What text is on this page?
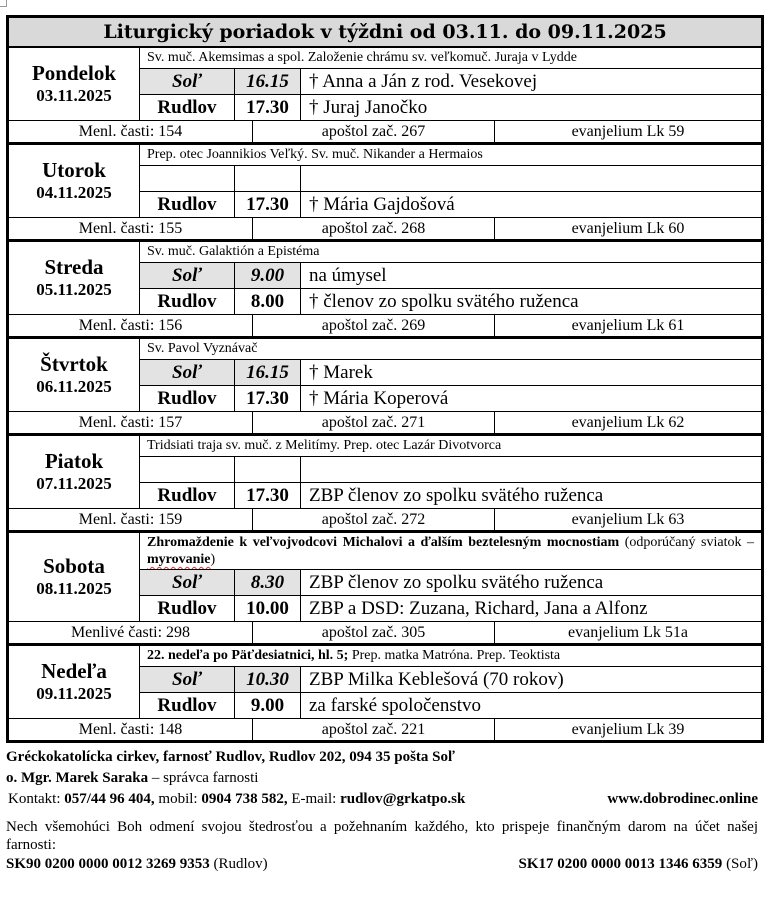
Liturgický poriadok v týždni od 03.11. do 09.11.2025
Pondelok
03.11.2025
Sv. muč. Akemsimas a spol. Založenie chrámu sv. veľkomuč. Juraja v Lydde
Soľ	16.15	† Anna a Ján z rod. Vesekovej
Rudlov	17.30	† Juraj Janočko
Menl. časti: 154	apoštol zač. 267	evanjelium Lk 59
Utorok
04.11.2025
Prep. otec Joannikios Veľký. Sv. muč. Nikander a Hermaios
Rudlov	17.30	† Mária Gajdošová
Menl. časti: 155	apoštol zač. 268	evanjelium Lk 60
Streda
05.11.2025
Sv. muč. Galaktión a Epistéma
Soľ	9.00	na úmysel
Rudlov	8.00	† členov zo spolku svätého ruženca
Menl. časti: 156	apoštol zač. 269	evanjelium Lk 61
Štvrtok
06.11.2025
Sv. Pavol Vyznávač
Soľ	16.15	† Marek
Rudlov	17.30	† Mária Koperová
Menl. časti: 157	apoštol zač. 271	evanjelium Lk 62
Piatok
07.11.2025
Tridsiati traja sv. muč. z Melitímy. Prep. otec Lazár Divotvorca
Rudlov	17.30	ZBP členov zo spolku svätého ruženca
Menl. časti: 159	apoštol zač. 272	evanjelium Lk 63
Sobota
08.11.2025
Zhromaždenie k veľvojvodcovi Michalovi a ďalším beztelesným mocnostiam (odporúčaný sviatok – myrovanie)
Soľ	8.30	ZBP členov zo spolku svätého ruženca
Rudlov	10.00	ZBP a DSD: Zuzana, Richard, Jana a Alfonz
Menlivé časti: 298	apoštol zač. 305	evanjelium Lk 51a
Nedeľa
09.11.2025
22. nedeľa po Päťdesiatnici, hl. 5; Prep. matka Matróna. Prep. Teoktista
Soľ	10.30	ZBP Milka Keblešová (70 rokov)
Rudlov	9.00	za farské spoločenstvo
Menl. časti: 148	apoštol zač. 221	evanjelium Lk 39

Gréckokatolícka cirkev, farnosť Rudlov, Rudlov 202, 094 35 pošta Soľ

o. Mgr. Marek Saraka – správca farnosti

Kontakt: 057/44 96 404, mobil: 0904 738 582, E-mail: rudlov@grkatpo.sk	www.dobrodinec.online

Nech všemohúci Boh odmení svojou štedrosťou a požehnaním každého, kto prispeje finančným darom na účet našej farnosti:

SK90 0200 0000 0012 3269 9353 (Rudlov)	SK17 0200 0000 0013 1346 6359 (Soľ)
